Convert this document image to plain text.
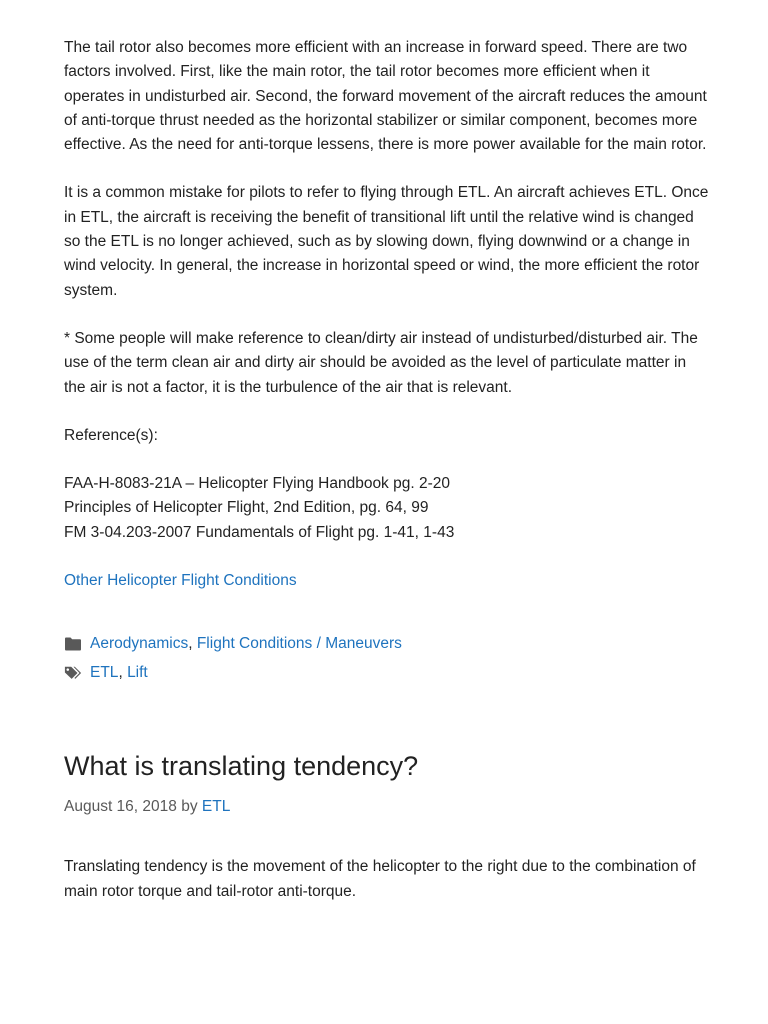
The tail rotor also becomes more efficient with an increase in forward speed. There are two factors involved. First, like the main rotor, the tail rotor becomes more efficient when it operates in undisturbed air. Second, the forward movement of the aircraft reduces the amount of anti-torque thrust needed as the horizontal stabilizer or similar component, becomes more effective. As the need for anti-torque lessens, there is more power available for the main rotor.

It is a common mistake for pilots to refer to flying through ETL. An aircraft achieves ETL. Once in ETL, the aircraft is receiving the benefit of transitional lift until the relative wind is changed so the ETL is no longer achieved, such as by slowing down, flying downwind or a change in wind velocity. In general, the increase in horizontal speed or wind, the more efficient the rotor system.

* Some people will make reference to clean/dirty air instead of undisturbed/disturbed air. The use of the term clean air and dirty air should be avoided as the level of particulate matter in the air is not a factor, it is the turbulence of the air that is relevant.

Reference(s):

FAA-H-8083-21A – Helicopter Flying Handbook pg. 2-20

Principles of Helicopter Flight, 2nd Edition, pg. 64, 99

FM 3-04.203-2007 Fundamentals of Flight pg. 1-41, 1-43

Other Helicopter Flight Conditions

Aerodynamics , Flight Conditions / Maneuvers
ETL , Lift
What is translating tendency?
August 16, 2018 by ETL

Translating tendency is the movement of the helicopter to the right due to the combination of main rotor torque and tail-rotor anti-torque.
